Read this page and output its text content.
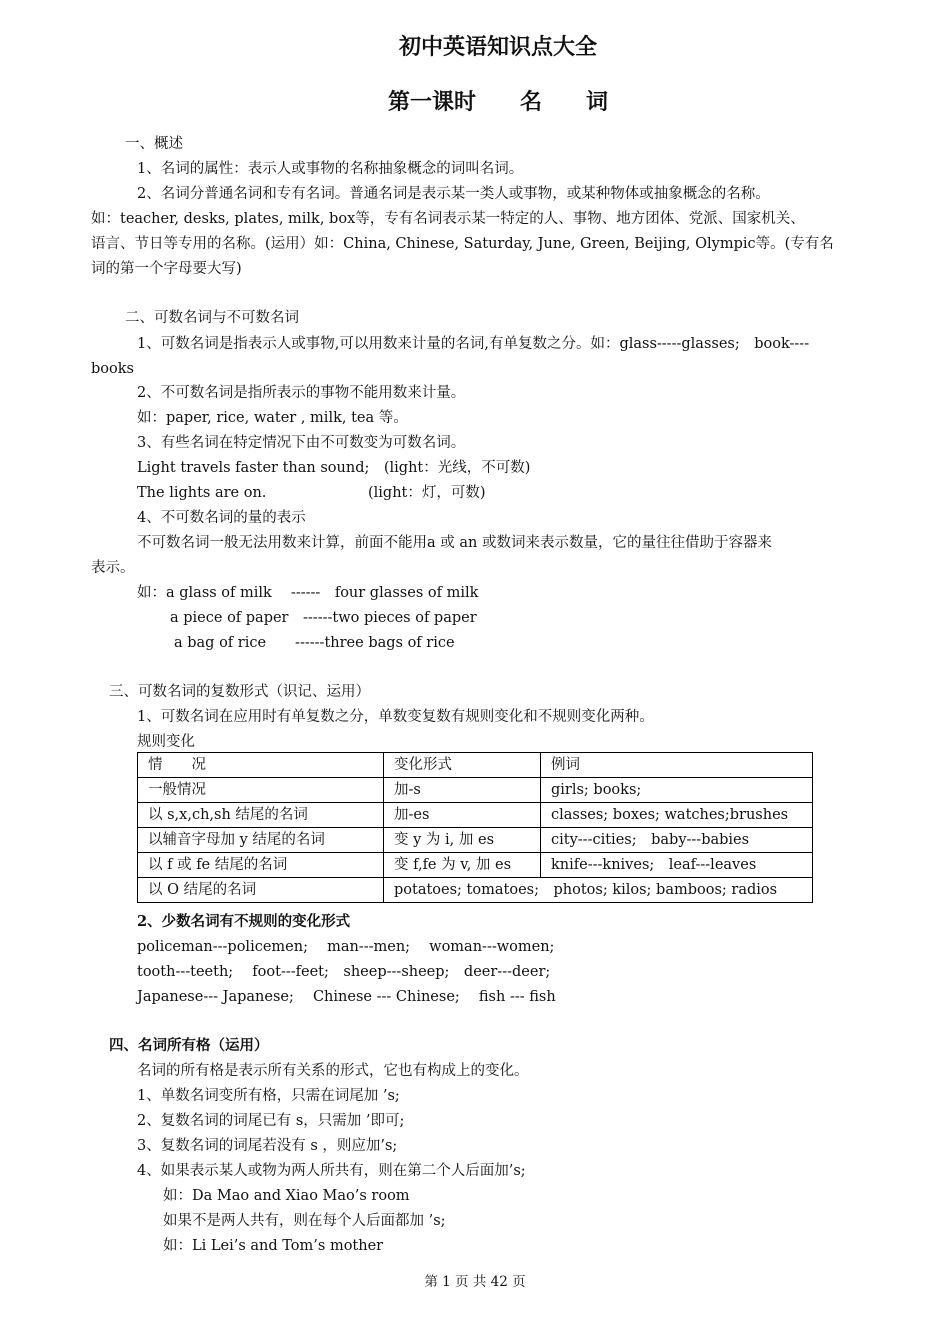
初中英语知识点大全
第一课时　　名　　词
一、概述
1、名词的属性：表示人或事物的名称抽象概念的词叫名词。
2、名词分普通名词和专有名词。普通名词是表示某一类人或事物，或某种物体或抽象概念的名称。
如：teacher, desks, plates, milk, box等，专有名词表示某一特定的人、事物、地方团体、党派、国家机关、
语言、节日等专用的名称。(运用）如：China, Chinese, Saturday, June, Green, Beijing, Olympic等。(专有名
词的第一个字母要大写)
二、可数名词与不可数名词
1、可数名词是指表示人或事物,可以用数来计量的名词,有单复数之分。如：glass-----glasses;　book----
books
2、不可数名词是指所表示的事物不能用数来计量。
如：paper, rice, water , milk, tea 等。
3、有些名词在特定情况下由不可数变为可数名词。
Light travels faster than sound;　(light：光线，不可数)
The lights are on.	(light：灯，可数)
4、不可数名词的量的表示
不可数名词一般无法用数来计算，前面不能用a 或 an 或数词来表示数量，它的量往往借助于容器来
表示。
如：a glass of milk　 ------　four glasses of milk
a piece of paper　------two pieces of paper
a bag of rice　　------three bags of rice
三、可数名词的复数形式（识记、运用）
1、可数名词在应用时有单复数之分，单数变复数有规则变化和不规则变化两种。
规则变化
情　　况	变化形式	例词
一般情况	加-s	girls; books;
以 s,x,ch,sh 结尾的名词	加-es	classes; boxes; watches;brushes
以辅音字母加 y 结尾的名词	变 y 为 i, 加 es	city---cities;　baby---babies
以 f 或 fe 结尾的名词	变 f,fe 为 v, 加 es	knife---knives;　leaf---leaves
以 O 结尾的名词	potatoes; tomatoes;　photos; kilos; bamboos; radios	
2、少数名词有不规则的变化形式
policeman---policemen;　 man---men;　 woman---women;
tooth---teeth;　 foot---feet;　sheep---sheep;　deer---deer;
Japanese--- Japanese;　 Chinese --- Chinese;　 fish --- fish
四、名词所有格（运用）
名词的所有格是表示所有关系的形式，它也有构成上的变化。
1、单数名词变所有格，只需在词尾加 ’s;
2、复数名词的词尾已有 s，只需加 ’即可;
3、复数名词的词尾若没有 s ，则应加’s;
4、如果表示某人或物为两人所共有，则在第二个人后面加’s;
如：Da Mao and Xiao Mao’s room
如果不是两人共有，则在每个人后面都加 ’s;
如：Li Lei’s and Tom’s mother
第 1 页 共 42 页
